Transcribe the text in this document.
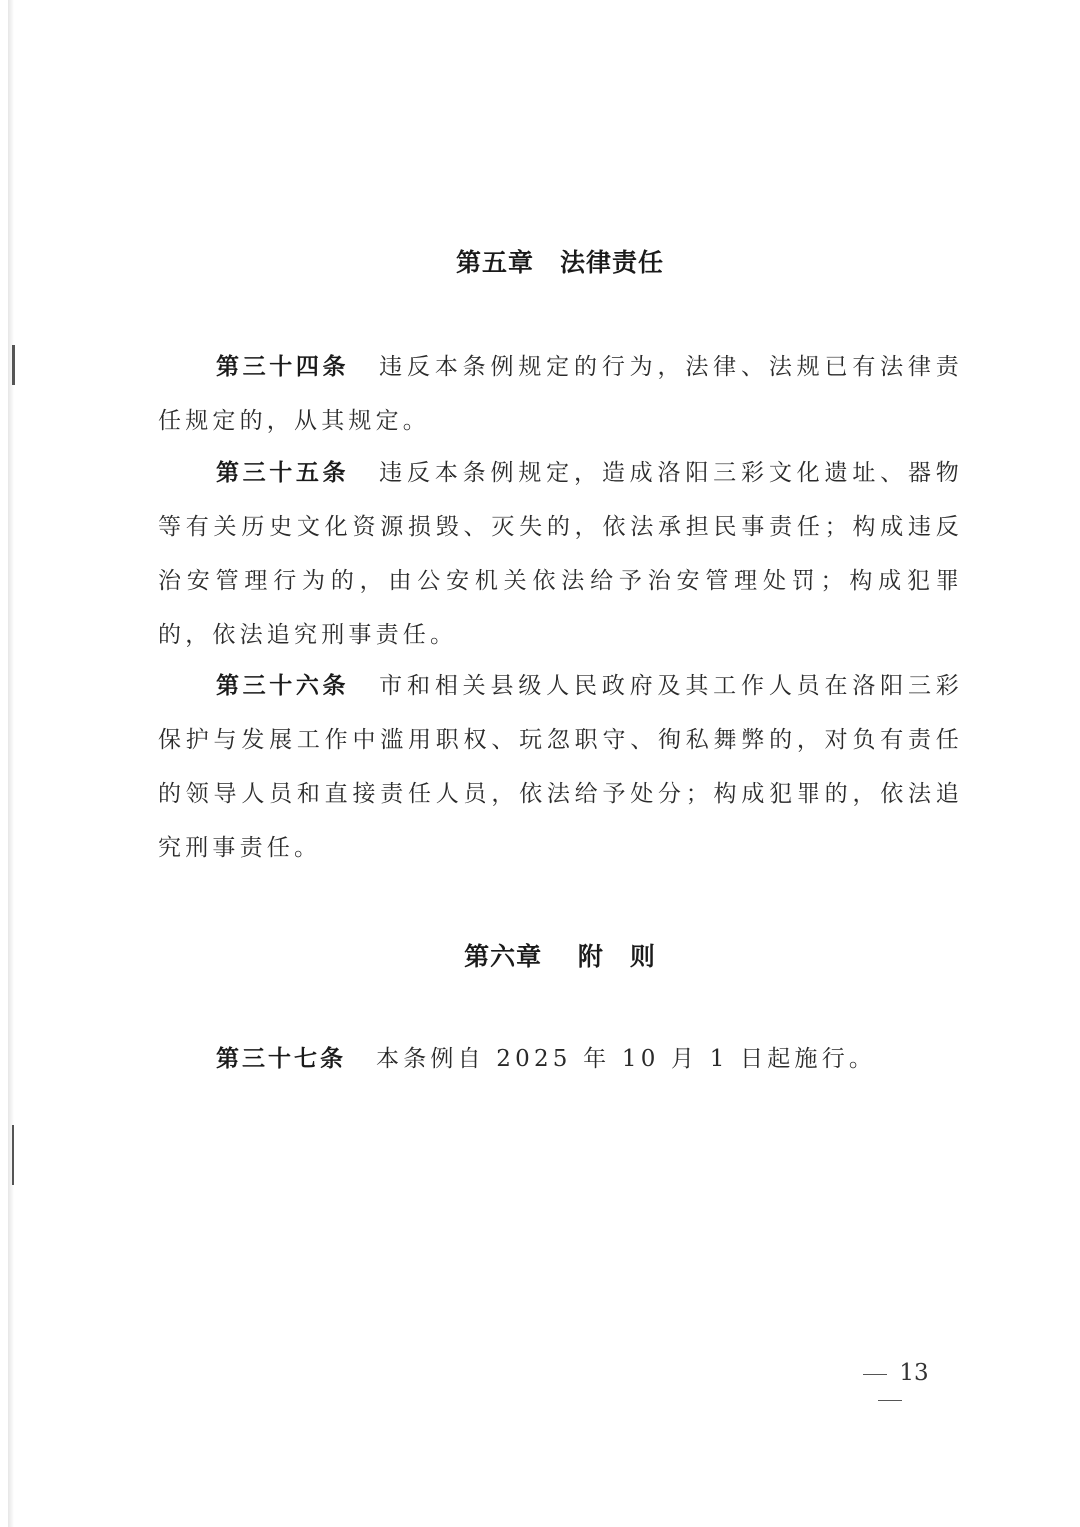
第五章　法律责任
第三十四条 违反本条例规定的行为，法律、法规已有法律责任规定的，从其规定。
第三十五条 违反本条例规定，造成洛阳三彩文化遗址、器物等有关历史文化资源损毁、灭失的，依法承担民事责任；构成违反治安管理行为的，由公安机关依法给予治安管理处罚；构成犯罪的，依法追究刑事责任。
第三十六条 市和相关县级人民政府及其工作人员在洛阳三彩保护与发展工作中滥用职权、玩忽职守、徇私舞弊的，对负有责任的领导人员和直接责任人员，依法给予处分；构成犯罪的，依法追究刑事责任。
第六章　 附　则
第三十七条 本条例自 2025 年 10 月 1 日起施行。
13
